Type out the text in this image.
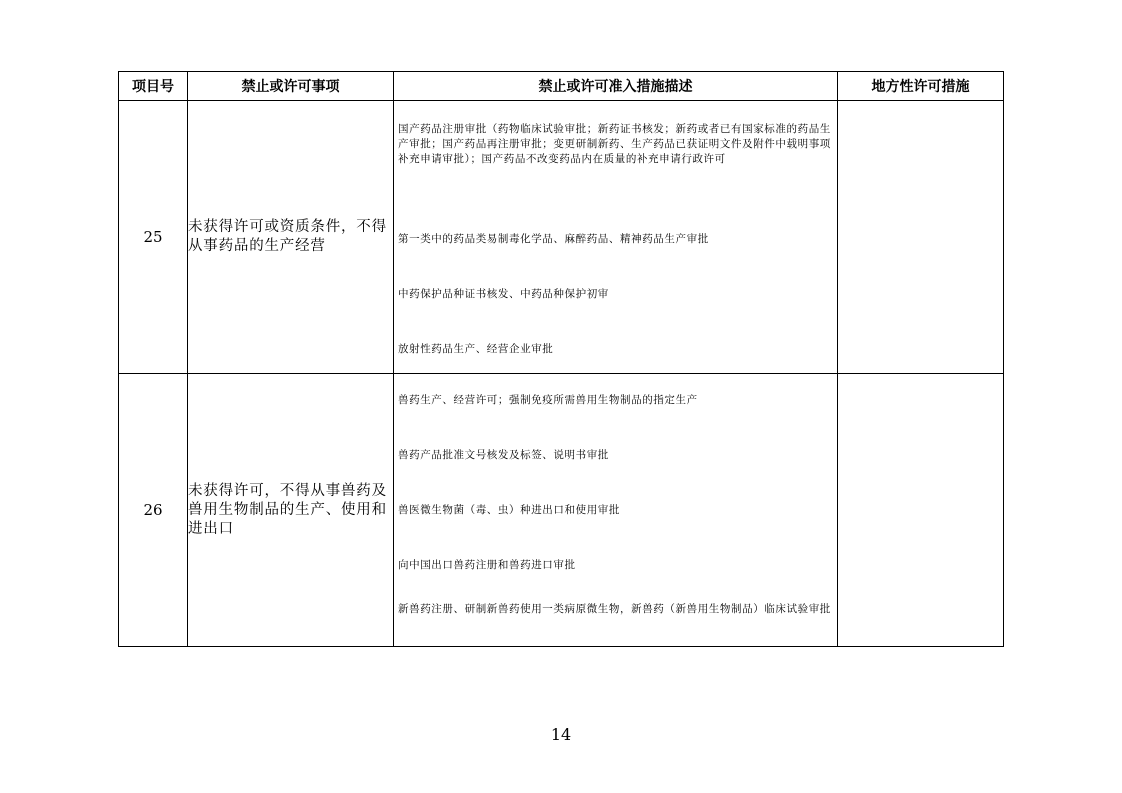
项目号	禁止或许可事项	禁止或许可准入措施描述	地方性许可措施
25	未获得许可或资质条件，不得从事药品的生产经营	国产药品注册审批（药物临床试验审批；新药证书核发；新药或者已有国家标准的药品生产审批；国产药品再注册审批；变更研制新药、生产药品已获证明文件及附件中载明事项补充申请审批）；国产药品不改变药品内在质量的补充申请行政许可
第一类中的药品类易制毒化学品、麻醉药品、精神药品生产审批
中药保护品种证书核发、中药品种保护初审
放射性药品生产、经营企业审批	

26	未获得许可，不得从事兽药及兽用生物制品的生产、使用和进出口	兽药生产、经营许可；强制免疫所需兽用生物制品的指定生产
兽药产品批准文号核发及标签、说明书审批
兽医微生物菌（毒、虫）种进出口和使用审批
向中国出口兽药注册和兽药进口审批
新兽药注册、研制新兽药使用一类病原微生物，新兽药（新兽用生物制品）临床试验审批	

14
